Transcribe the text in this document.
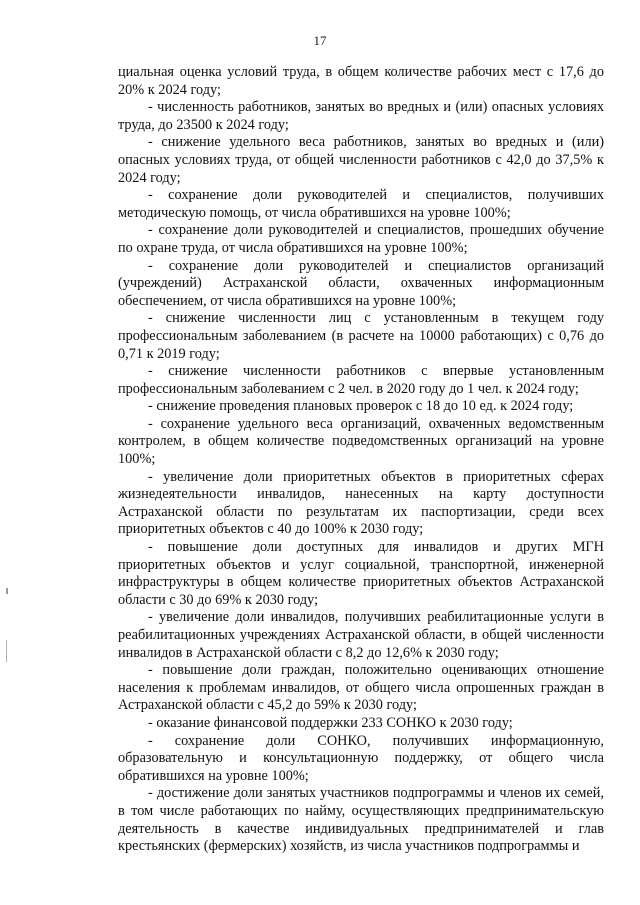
17

циальная оценка условий труда, в общем количестве рабочих мест с 17,6 до 20% к 2024 году;

- численность работников, занятых во вредных и (или) опасных условиях труда, до 23500 к 2024 году;

- снижение удельного веса работников, занятых во вредных и (или) опасных условиях труда, от общей численности работников с 42,0 до 37,5% к 2024 году;

- сохранение доли руководителей и специалистов, получивших методическую помощь, от числа обратившихся на уровне 100%;

- сохранение доли руководителей и специалистов, прошедших обучение по охране труда, от числа обратившихся на уровне 100%;

- сохранение доли руководителей и специалистов организаций (учреждений) Астраханской области, охваченных информационным обеспечением, от числа обратившихся на уровне 100%;

- снижение численности лиц с установленным в текущем году профессиональным заболеванием (в расчете на 10000 работающих) с 0,76 до 0,71 к 2019 году;

- снижение численности работников с впервые установленным профессиональным заболеванием с 2 чел. в 2020 году до 1 чел. к 2024 году;

- снижение проведения плановых проверок с 18 до 10 ед. к 2024 году;

- сохранение удельного веса организаций, охваченных ведомственным контролем, в общем количестве подведомственных организаций на уровне 100%;

- увеличение доли приоритетных объектов в приоритетных сферах жизнедеятельности инвалидов, нанесенных на карту доступности Астраханской области по результатам их паспортизации, среди всех приоритетных объектов с 40 до 100% к 2030 году;

- повышение доли доступных для инвалидов и других МГН приоритетных объектов и услуг социальной, транспортной, инженерной инфраструктуры в общем количестве приоритетных объектов Астраханской области с 30 до 69% к 2030 году;

- увеличение доли инвалидов, получивших реабилитационные услуги в реабилитационных учреждениях Астраханской области, в общей численности инвалидов в Астраханской области с 8,2 до 12,6% к 2030 году;

- повышение доли граждан, положительно оценивающих отношение населения к проблемам инвалидов, от общего числа опрошенных граждан в Астраханской области с 45,2 до 59% к 2030 году;

- оказание финансовой поддержки 233 СОНКО к 2030 году;

- сохранение доли СОНКО, получивших информационную, образовательную и консультационную поддержку, от общего числа обратившихся на уровне 100%;

- достижение доли занятых участников подпрограммы и членов их семей, в том числе работающих по найму, осуществляющих предпринимательскую деятельность в качестве индивидуальных предпринимателей и глав крестьянских (фермерских) хозяйств, из числа участников подпрограммы и
